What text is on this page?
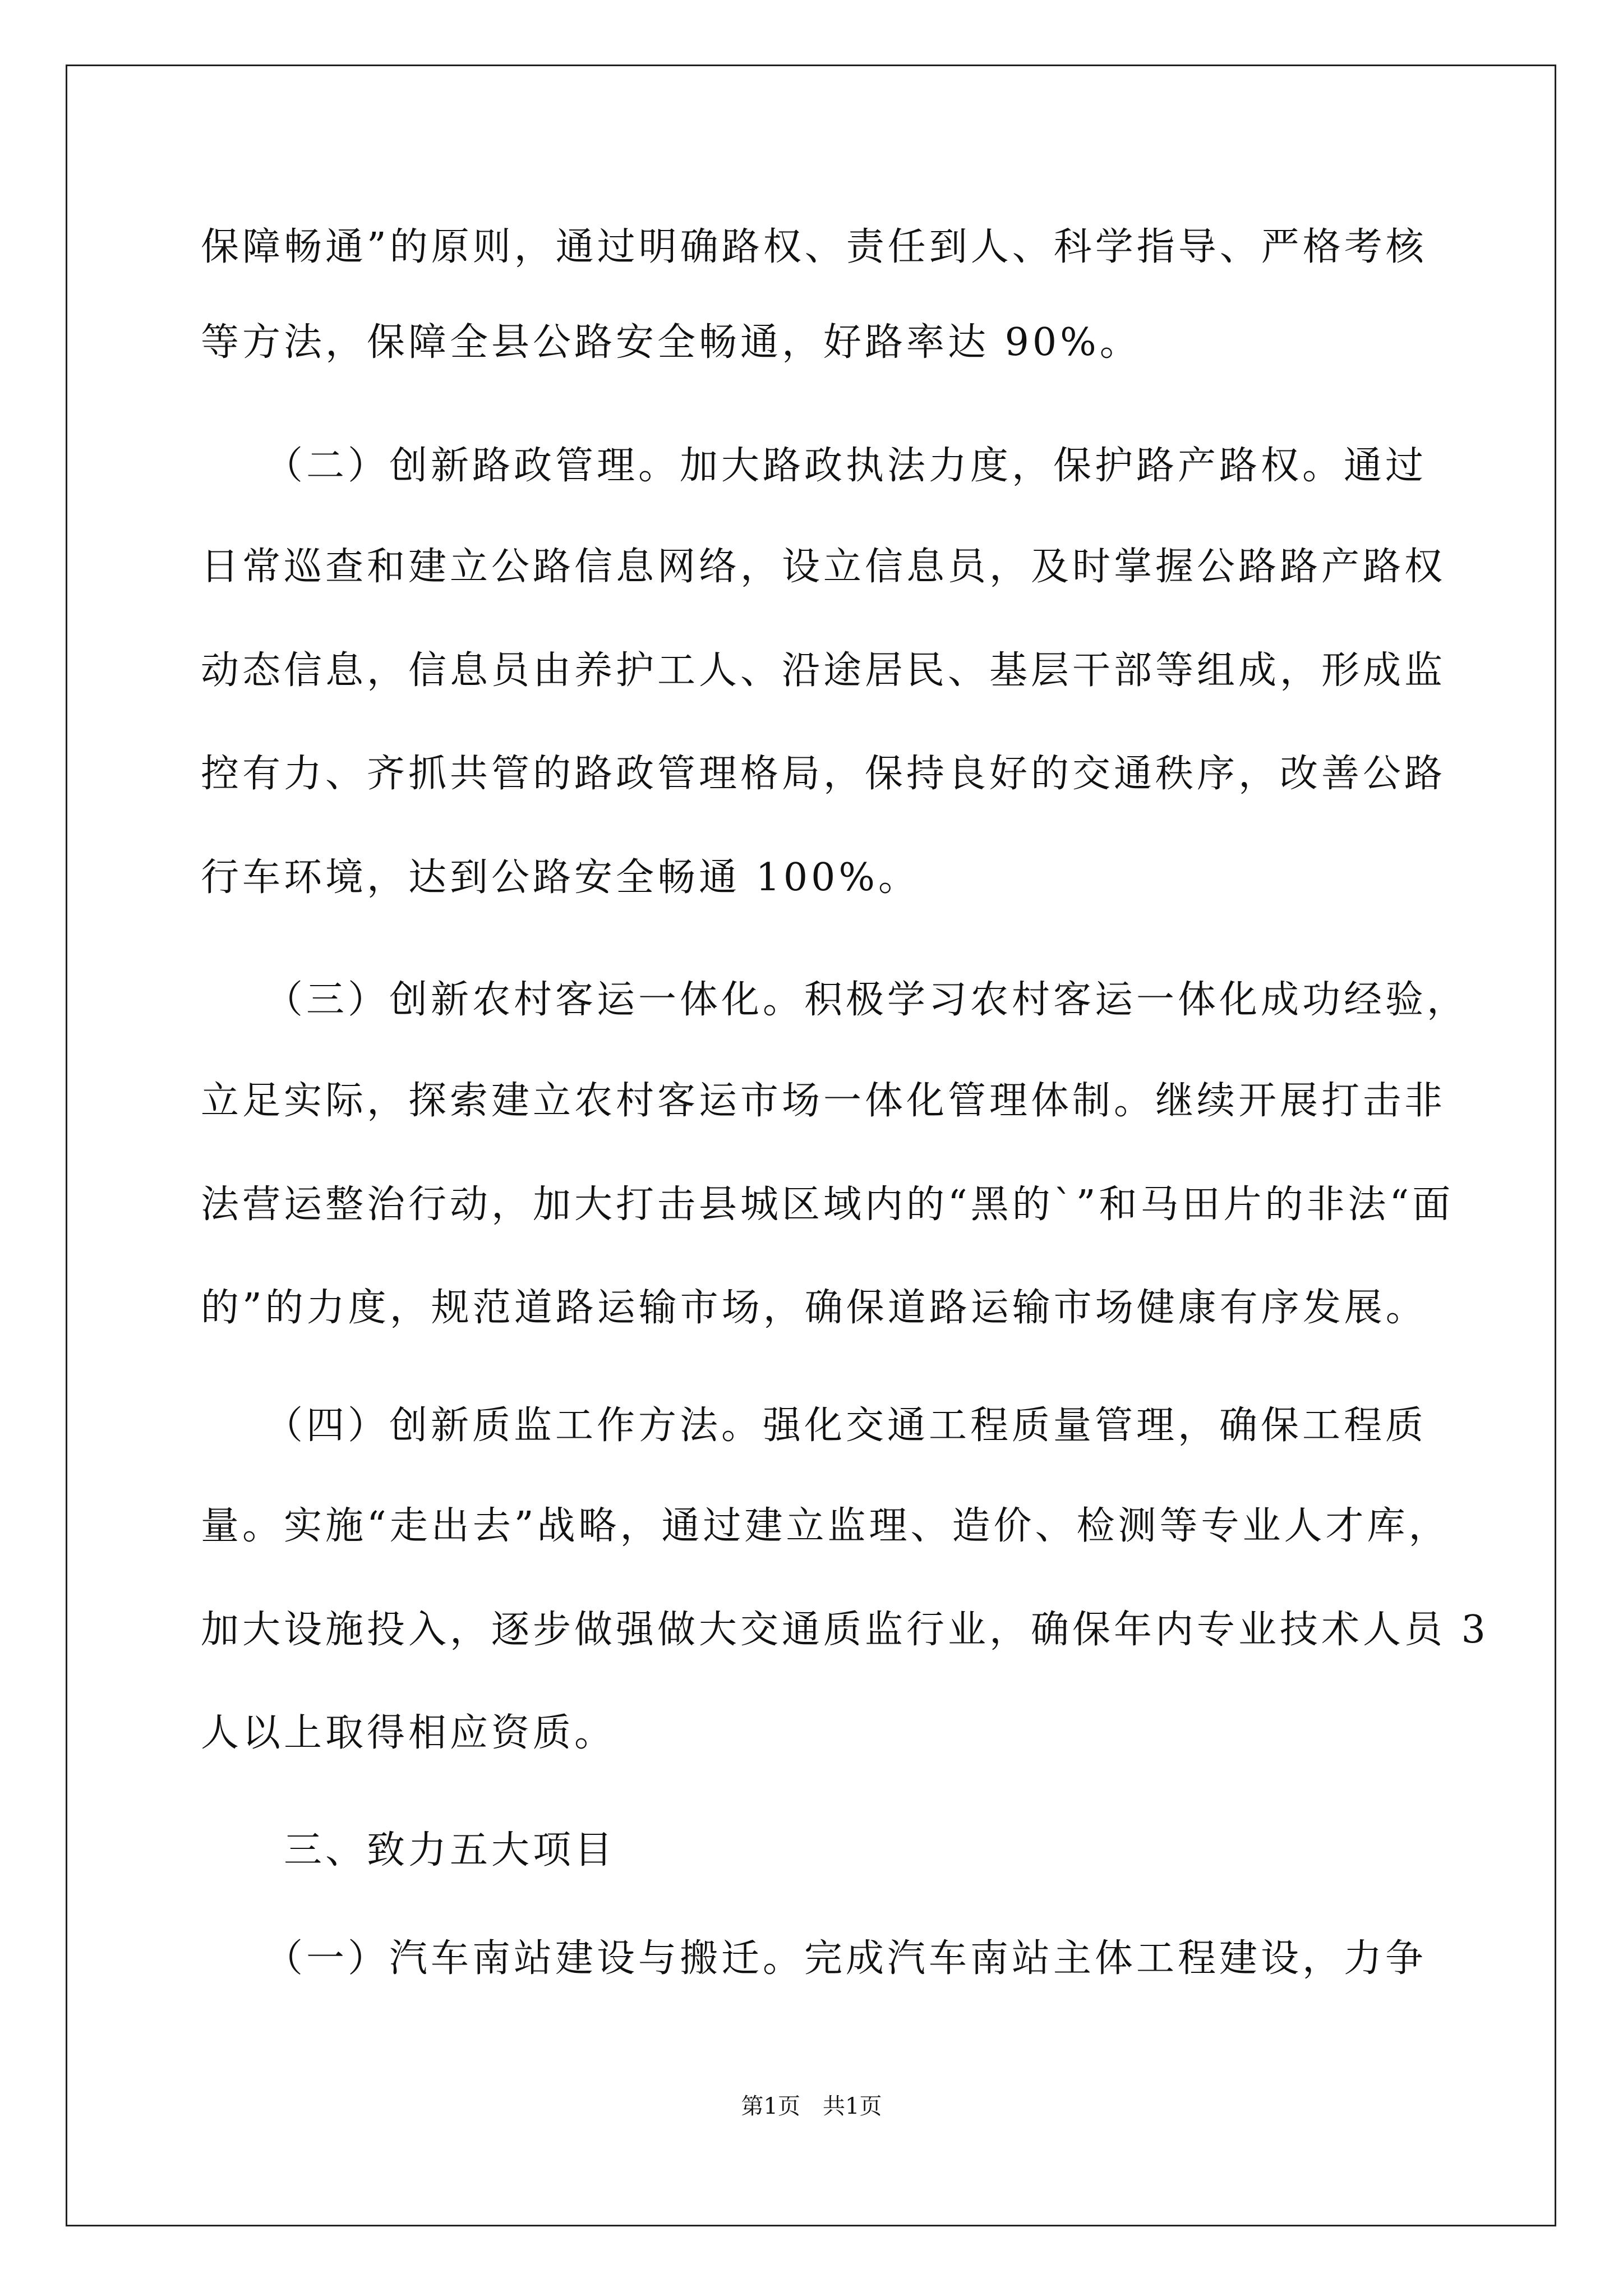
保障畅通”的原则，通过明确路权、责任到人、科学指导、严格考核
等方法，保障全县公路安全畅通，好路率达 90%。
　　（二）创新路政管理。加大路政执法力度，保护路产路权。通过
日常巡查和建立公路信息网络，设立信息员，及时掌握公路路产路权
动态信息，信息员由养护工人、沿途居民、基层干部等组成，形成监
控有力、齐抓共管的路政管理格局，保持良好的交通秩序，改善公路
行车环境，达到公路安全畅通 100%。
　　（三）创新农村客运一体化。积极学习农村客运一体化成功经验，
立足实际，探索建立农村客运市场一体化管理体制。继续开展打击非
法营运整治行动，加大打击县城区域内的“黑的`”和马田片的非法“面
的”的力度，规范道路运输市场，确保道路运输市场健康有序发展。
　　（四）创新质监工作方法。强化交通工程质量管理，确保工程质
量。实施“走出去”战略，通过建立监理、造价、检测等专业人才库，
加大设施投入，逐步做强做大交通质监行业，确保年内专业技术人员 3
人以上取得相应资质。
　　三、致力五大项目
　　（一）汽车南站建设与搬迁。完成汽车南站主体工程建设，力争
第1页　共1页
